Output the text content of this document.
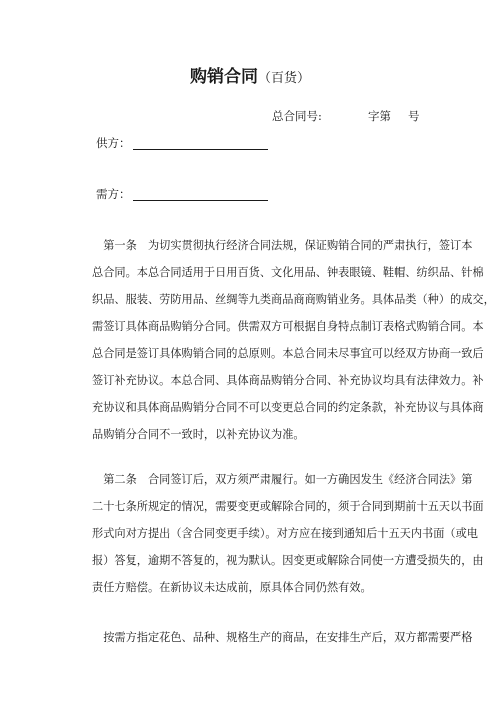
购销合同（百货）
总合同号:	字第 号
供方：
需方：
　第一条　为切实贯彻执行经济合同法规，保证购销合同的严肃执行，签订本
总合同。本总合同适用于日用百货、文化用品、钟表眼镜、鞋帽、纺织品、针棉
织品、服装、劳防用品、丝绸等九类商品商商购销业务。具体品类（种）的成交，
需签订具体商品购销分合同。供需双方可根据自身特点制订表格式购销合同。本
总合同是签订具体购销合同的总原则。本总合同未尽事宜可以经双方协商一致后
签订补充协议。本总合同、具体商品购销分合同、补充协议均具有法律效力。补
充协议和具体商品购销分合同不可以变更总合同的约定条款，补充协议与具体商
品购销分合同不一致时，以补充协议为准。
　第二条　合同签订后，双方须严肃履行。如一方确因发生《经济合同法》第
二十七条所规定的情况，需要变更或解除合同的，须于合同到期前十五天以书面
形式向对方提出（含合同变更手续）。对方应在接到通知后十五天内书面（或电
报）答复，逾期不答复的，视为默认。因变更或解除合同使一方遭受损失的，由
责任方赔偿。在新协议未达成前，原具体合同仍然有效。
　按需方指定花色、品种、规格生产的商品，在安排生产后，双方都需要严格
